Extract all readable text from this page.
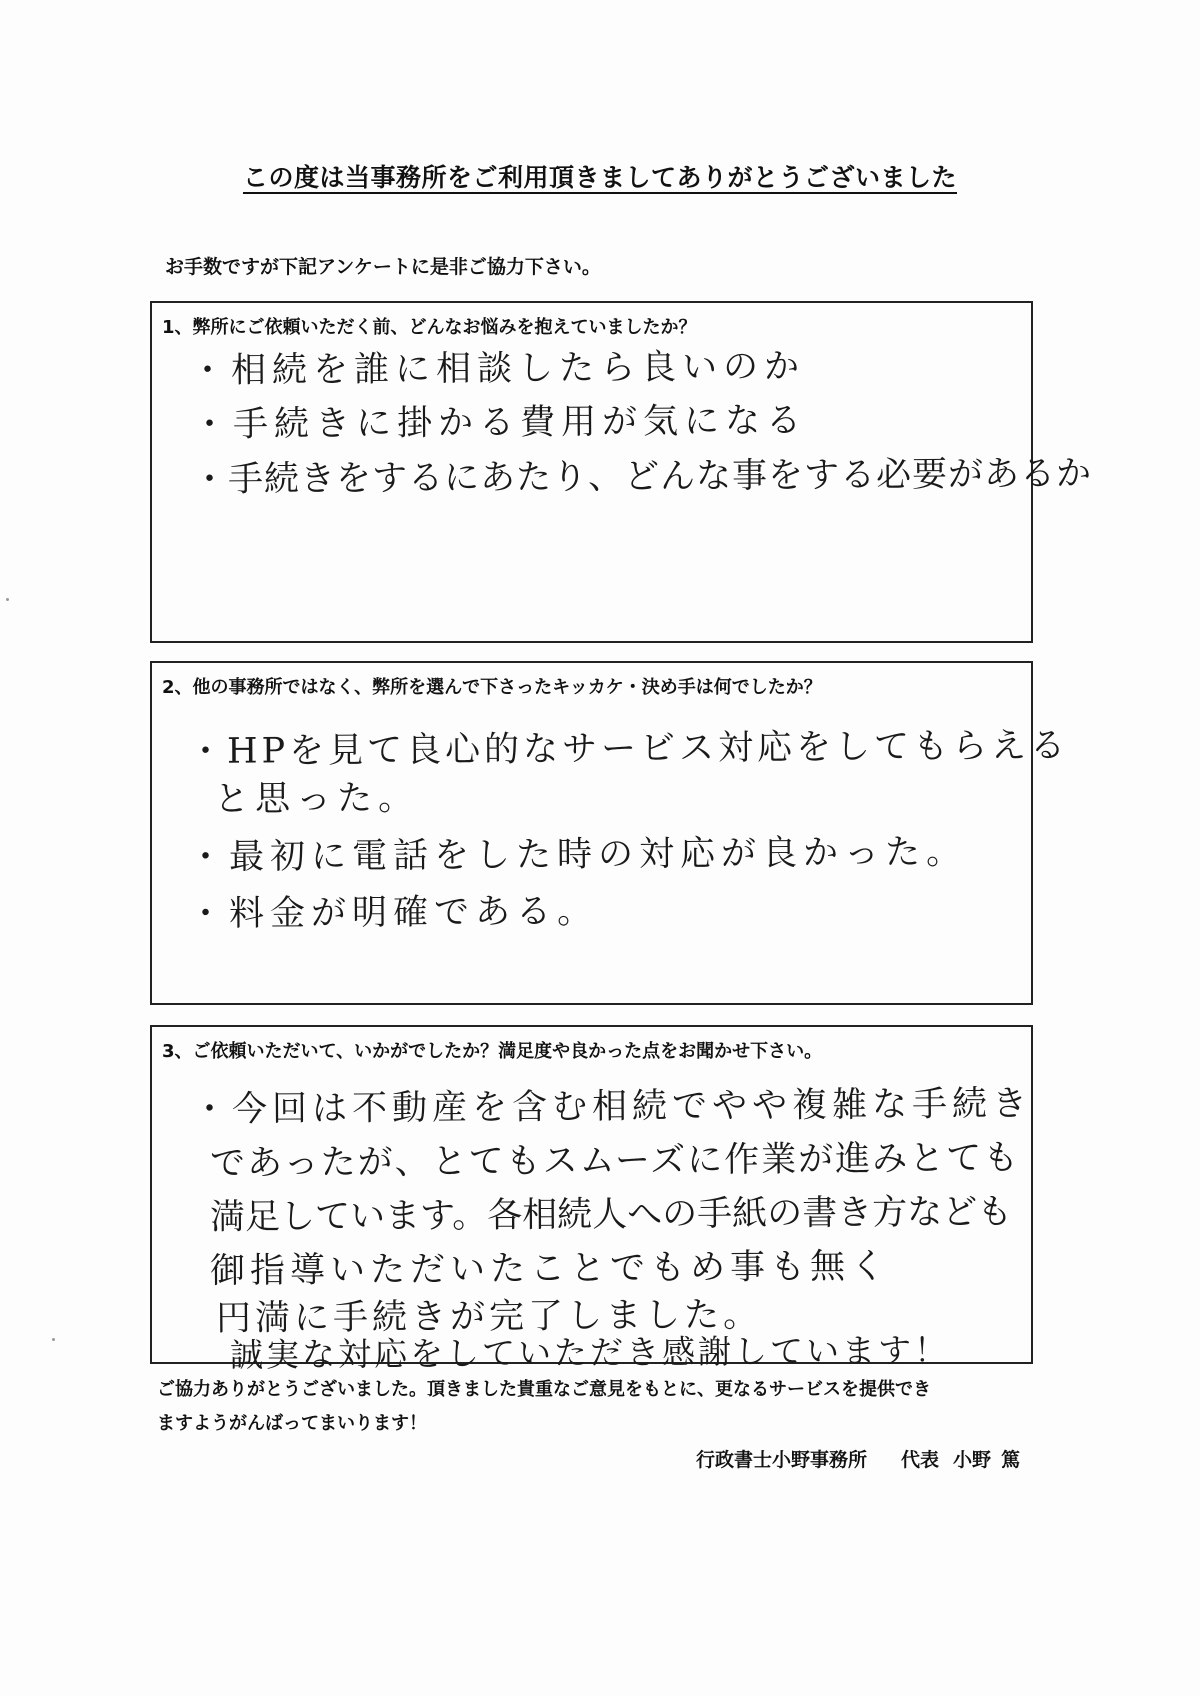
この度は当事務所をご利用頂きましてありがとうございました
お手数ですが下記アンケートに是非ご協力下さい。
1、弊所にご依頼いただく前、どんなお悩みを抱えていましたか？
・相続を誰に相談したら良いのか
・手続きに掛かる費用が気になる
・手続きをするにあたり、どんな事をする必要があるか
2、他の事務所ではなく、弊所を選んで下さったキッカケ・決め手は何でしたか？
・HPを見て良心的なサービス対応をしてもらえる
と思った。
・最初に電話をした時の対応が良かった。
・料金が明確である。
3、ご依頼いただいて、いかがでしたか？満足度や良かった点をお聞かせ下さい。
・今回は不動産を含む相続でやや複雑な手続き
であったが、とてもスムーズに作業が進みとても
満足しています。各相続人への手紙の書き方なども
御指導いただいたことでもめ事も無く
円満に手続きが完了しました。
誠実な対応をしていただき感謝しています！
ご協力ありがとうございました。頂きました貴重なご意見をもとに、更なるサービスを提供でき
ますようがんばってまいります！
行政書士小野事務所 代表 小野 篤
